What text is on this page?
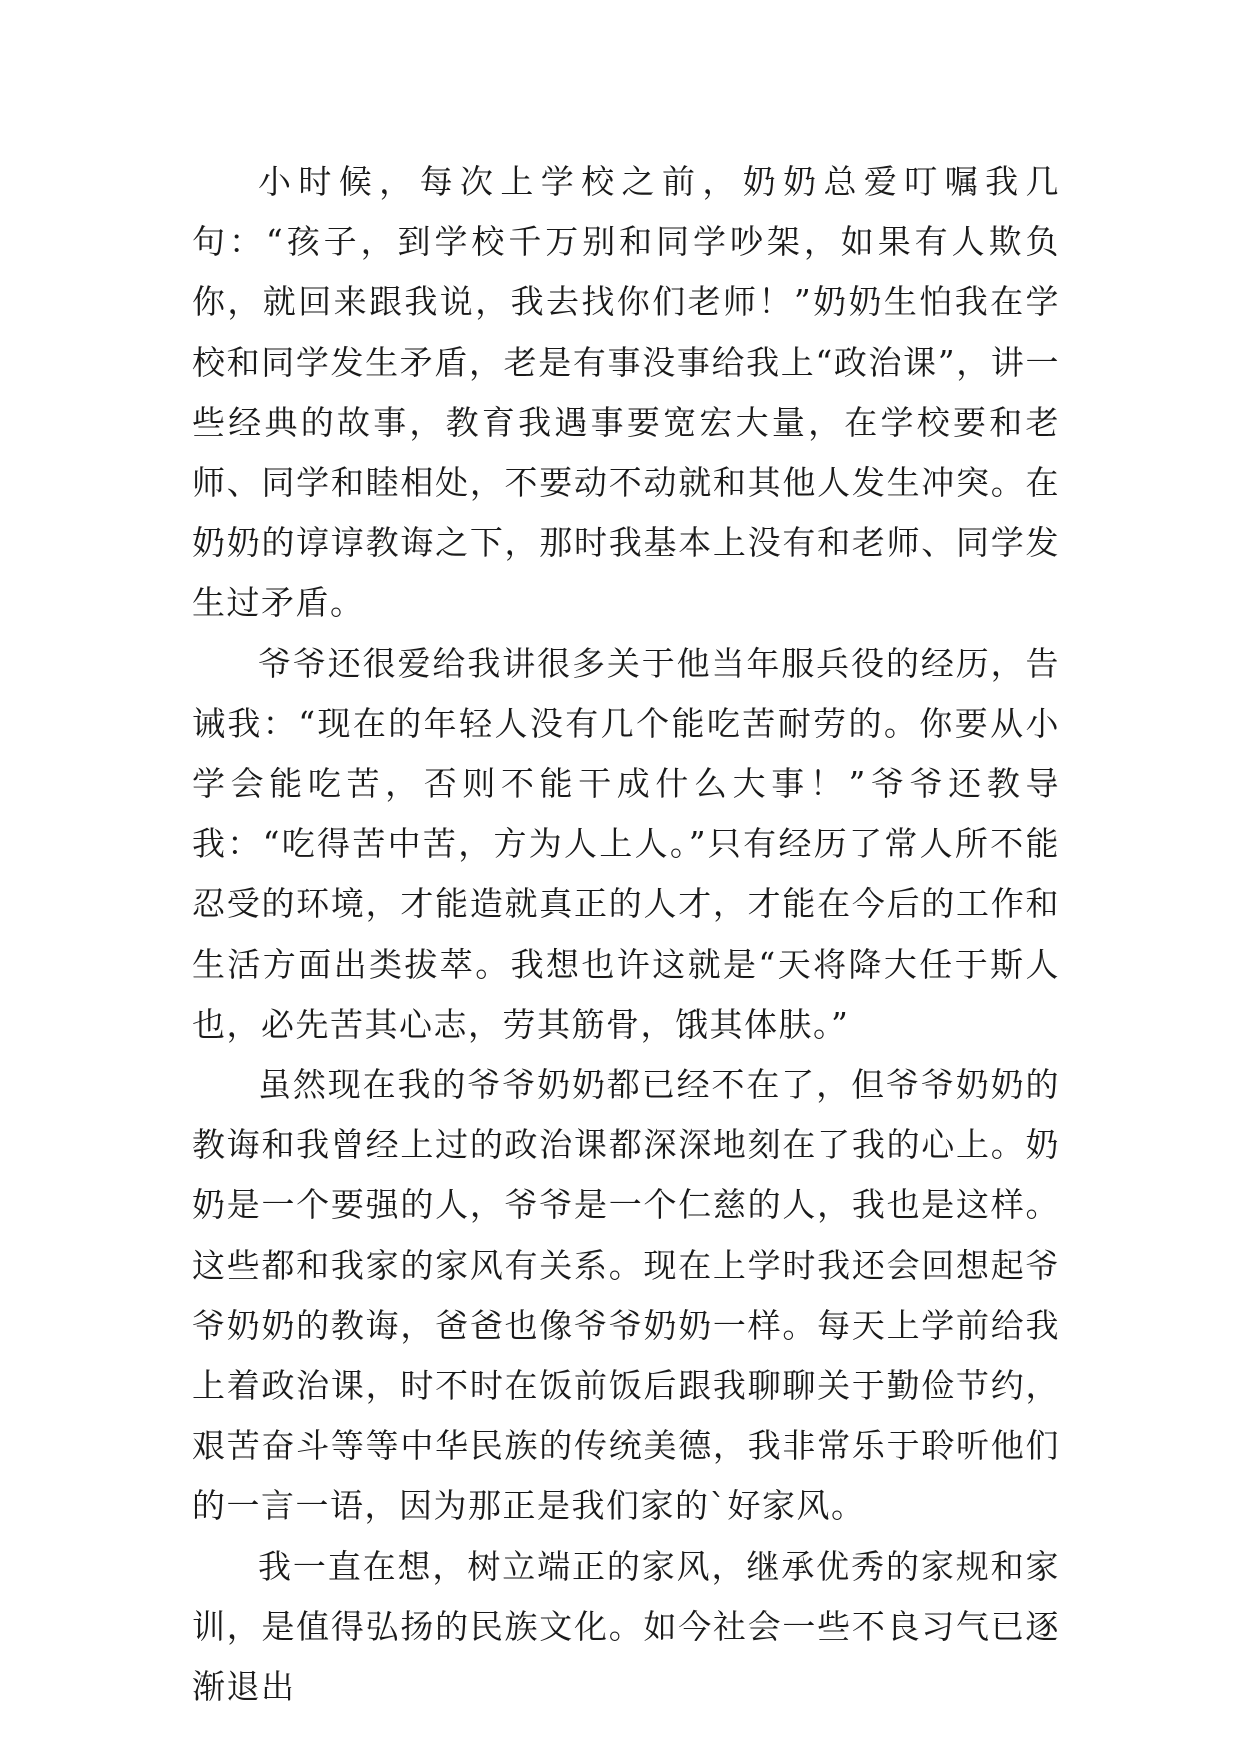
小时候，每次上学校之前，奶奶总爱叮嘱我几句：“孩子，到学校千万别和同学吵架，如果有人欺负你，就回来跟我说，我去找你们老师！”奶奶生怕我在学校和同学发生矛盾，老是有事没事给我上“政治课”，讲一些经典的故事，教育我遇事要宽宏大量，在学校要和老师、同学和睦相处，不要动不动就和其他人发生冲突。在奶奶的谆谆教诲之下，那时我基本上没有和老师、同学发生过矛盾。

爷爷还很爱给我讲很多关于他当年服兵役的经历，告诫我：“现在的年轻人没有几个能吃苦耐劳的。你要从小学会能吃苦，否则不能干成什么大事！”爷爷还教导我：“吃得苦中苦，方为人上人。”只有经历了常人所不能忍受的环境，才能造就真正的人才，才能在今后的工作和生活方面出类拔萃。我想也许这就是“天将降大任于斯人也，必先苦其心志，劳其筋骨，饿其体肤。”

虽然现在我的爷爷奶奶都已经不在了，但爷爷奶奶的教诲和我曾经上过的政治课都深深地刻在了我的心上。奶奶是一个要强的人，爷爷是一个仁慈的人，我也是这样。这些都和我家的家风有关系。现在上学时我还会回想起爷爷奶奶的教诲，爸爸也像爷爷奶奶一样。每天上学前给我上着政治课，时不时在饭前饭后跟我聊聊关于勤俭节约，艰苦奋斗等等中华民族的传统美德，我非常乐于聆听他们的一言一语，因为那正是我们家的`好家风。

我一直在想，树立端正的家风，继承优秀的家规和家训，是值得弘扬的民族文化。如今社会一些不良习气已逐渐退出
